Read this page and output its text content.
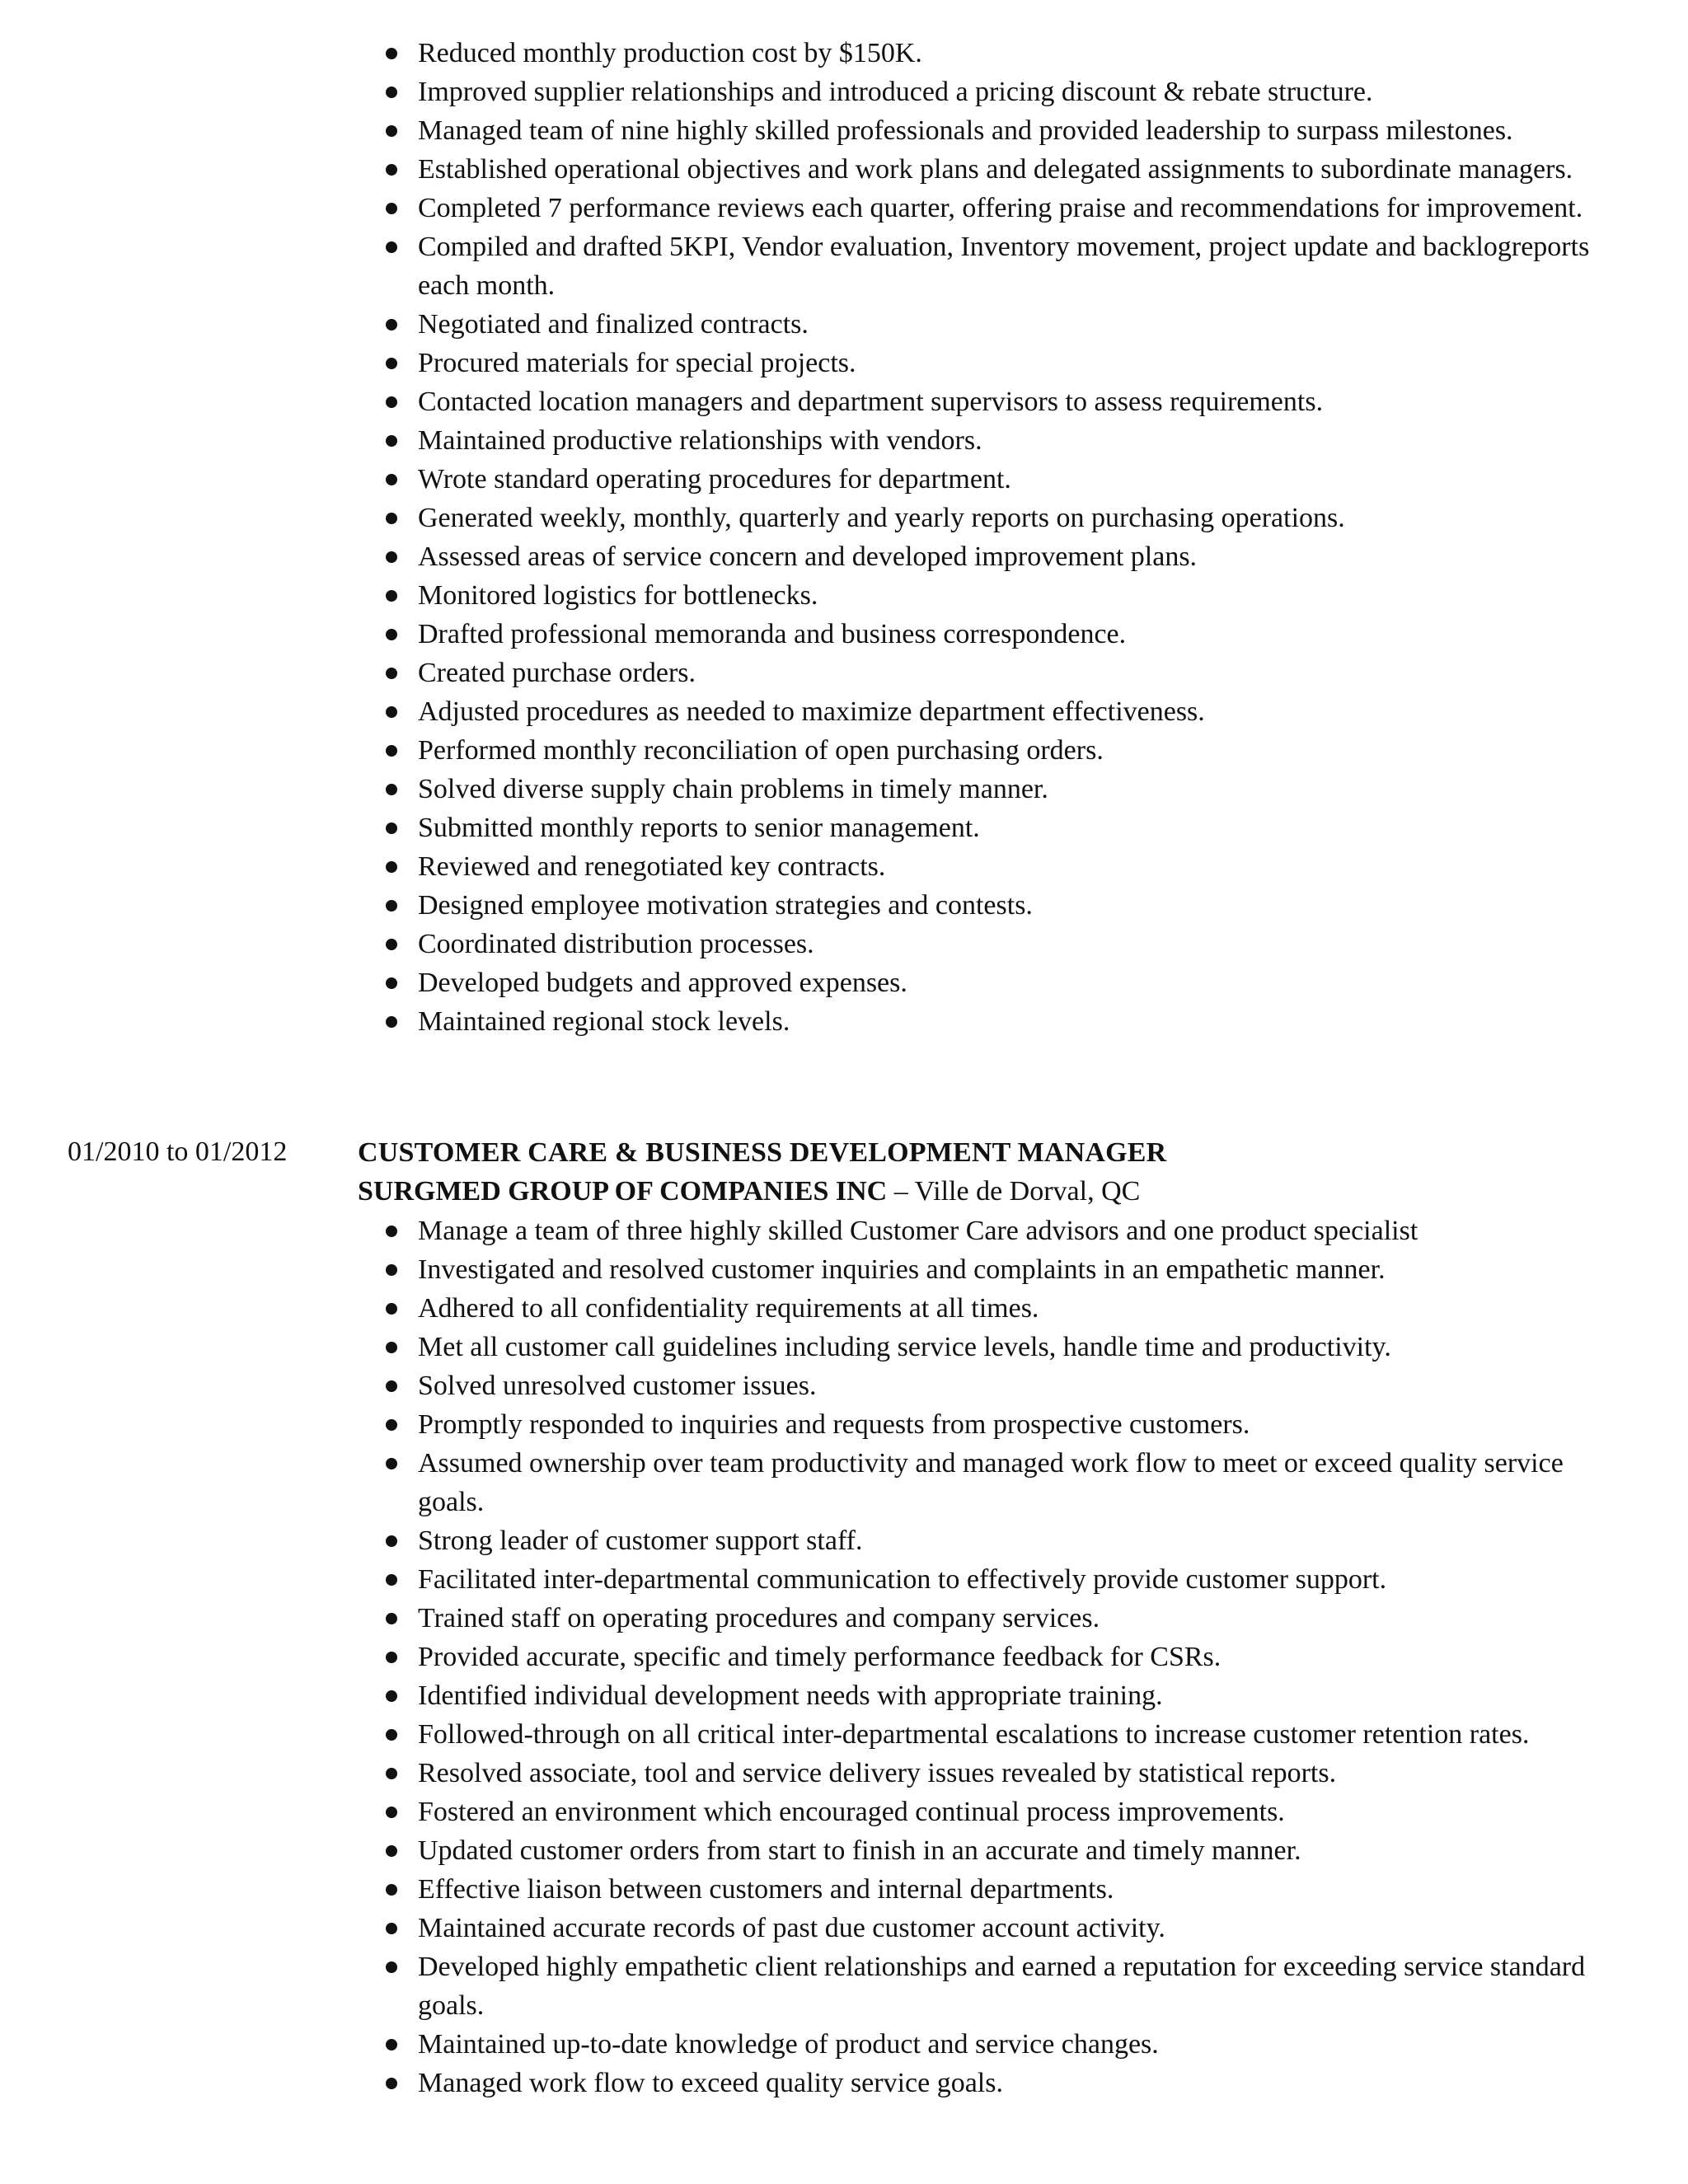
Reduced monthly production cost by $150K.
Improved supplier relationships and introduced a pricing discount & rebate structure.
Managed team of nine highly skilled professionals and provided leadership to surpass milestones.
Established operational objectives and work plans and delegated assignments to subordinate managers.
Completed 7 performance reviews each quarter, offering praise and recommendations for improvement.
Compiled and drafted 5KPI, Vendor evaluation, Inventory movement, project update and backlogreports each month.
Negotiated and finalized contracts.
Procured materials for special projects.
Contacted location managers and department supervisors to assess requirements.
Maintained productive relationships with vendors.
Wrote standard operating procedures for department.
Generated weekly, monthly, quarterly and yearly reports on purchasing operations.
Assessed areas of service concern and developed improvement plans.
Monitored logistics for bottlenecks.
Drafted professional memoranda and business correspondence.
Created purchase orders.
Adjusted procedures as needed to maximize department effectiveness.
Performed monthly reconciliation of open purchasing orders.
Solved diverse supply chain problems in timely manner.
Submitted monthly reports to senior management.
Reviewed and renegotiated key contracts.
Designed employee motivation strategies and contests.
Coordinated distribution processes.
Developed budgets and approved expenses.
Maintained regional stock levels.
01/2010 to 01/2012	CUSTOMER CARE & BUSINESS DEVELOPMENT MANAGER
SURGMED GROUP OF COMPANIES INC – Ville de Dorval, QC
Manage a team of three highly skilled Customer Care advisors and one product specialist
Investigated and resolved customer inquiries and complaints in an empathetic manner.
Adhered to all confidentiality requirements at all times.
Met all customer call guidelines including service levels, handle time and productivity.
Solved unresolved customer issues.
Promptly responded to inquiries and requests from prospective customers.
Assumed ownership over team productivity and managed work flow to meet or exceed quality service goals.
Strong leader of customer support staff.
Facilitated inter-departmental communication to effectively provide customer support.
Trained staff on operating procedures and company services.
Provided accurate, specific and timely performance feedback for CSRs.
Identified individual development needs with appropriate training.
Followed-through on all critical inter-departmental escalations to increase customer retention rates.
Resolved associate, tool and service delivery issues revealed by statistical reports.
Fostered an environment which encouraged continual process improvements.
Updated customer orders from start to finish in an accurate and timely manner.
Effective liaison between customers and internal departments.
Maintained accurate records of past due customer account activity.
Developed highly empathetic client relationships and earned a reputation for exceeding service standard goals.
Maintained up-to-date knowledge of product and service changes.
Managed work flow to exceed quality service goals.
